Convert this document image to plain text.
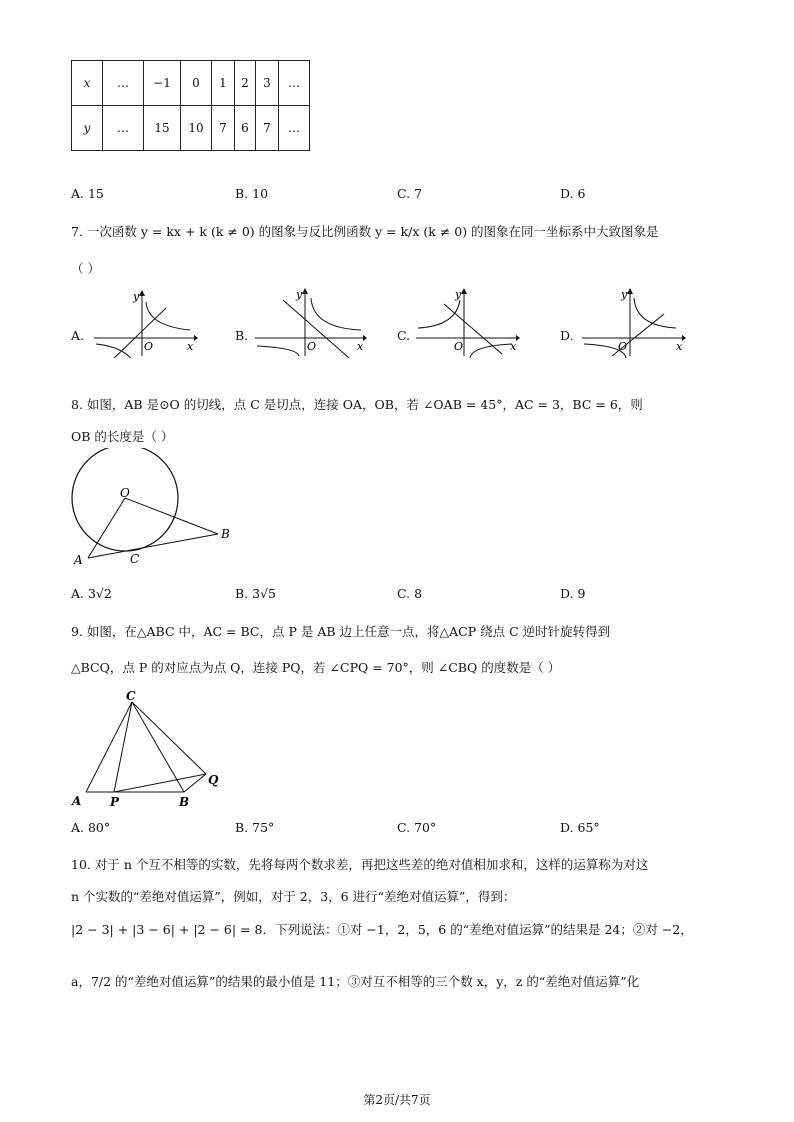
x	…	−1	0	1	2	3	…
y	…	15	10	7	6	7	…
A. 15	B. 10	C. 7	D. 6
7. 一次函数 y = kx + k (k ≠ 0) 的图象与反比例函数 y = k/x (k ≠ 0) 的图象在同一坐标系中大致图象是
（ ）
A.
y
x
O
B.
y
x
O
C.
y
x
O
D.
y
x
O
8. 如图，AB 是⊙O 的切线，点 C 是切点，连接 OA，OB，若 ∠OAB = 45°，AC = 3，BC = 6，则
OB 的长度是（ ）
O
A
B
C
A. 3√2	B. 3√5	C. 8	D. 9
9. 如图，在△ABC 中，AC = BC，点 P 是 AB 边上任意一点，将△ACP 绕点 C 逆时针旋转得到
△BCQ，点 P 的对应点为点 Q，连接 PQ，若 ∠CPQ = 70°，则 ∠CBQ 的度数是（ ）
C
A P	B
Q
A. 80°	B. 75°	C. 70°	D. 65°
10. 对于 n 个互不相等的实数，先将每两个数求差，再把这些差的绝对值相加求和，这样的运算称为对这
n 个实数的“差绝对值运算”，例如，对于 2，3，6 进行“差绝对值运算”，得到：
|2 − 3| + |3 − 6| + |2 − 6| = 8．下列说法：①对 −1，2，5，6 的“差绝对值运算”的结果是 24；②对 −2，
a，7/2 的“差绝对值运算”的结果的最小值是 11；③对互不相等的三个数 x，y，z 的“差绝对值运算”化
第2页/共7页
